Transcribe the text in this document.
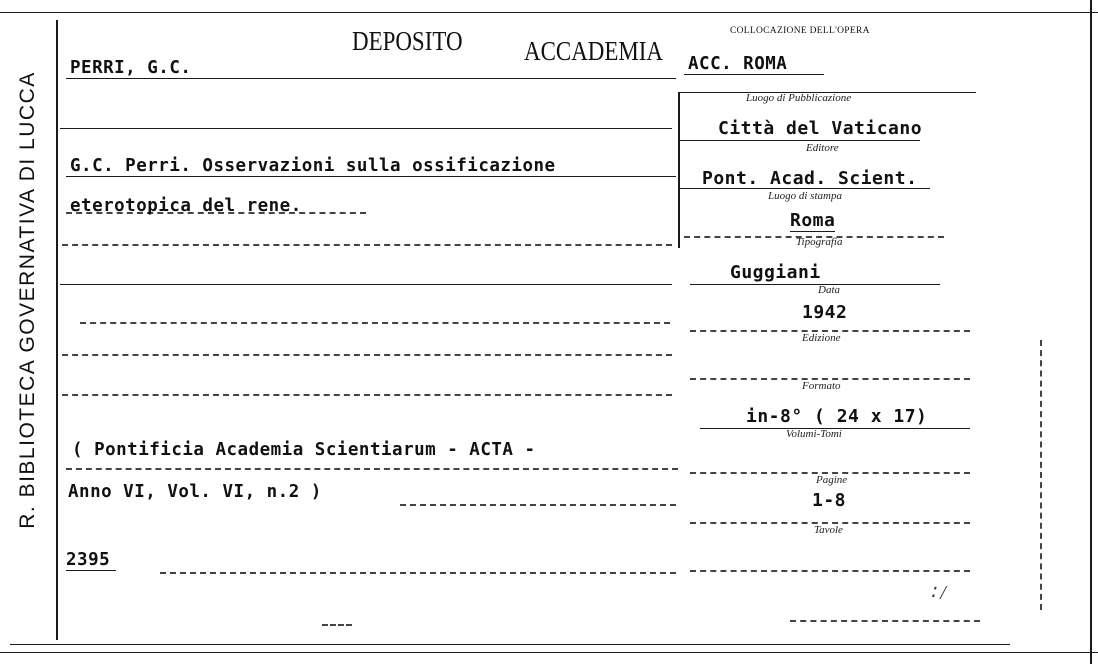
R. BIBLIOTECA GOVERNATIVA DI LUCCA
DEPOSITO ACCADEMIA
COLLOCAZIONE DELL'OPERA
ACC. ROMA
PERRI, G.C.
G.C. Perri. Osservazioni sulla ossificazione
eterotopica del rene.
( Pontificia Academia Scientiarum - ACTA -
Anno VI, Vol. VI, n.2 )
2395
Luogo di Pubblicazione
Città del Vaticano
Editore
Pont. Acad. Scient.
Luogo di stampa
Roma
Tipografia
Guggiani
Data
1942
Edizione
Formato
in-8° ( 24 x 17)
Volumi-Tomi
Pagine
1-8
Tavole
∶ /
